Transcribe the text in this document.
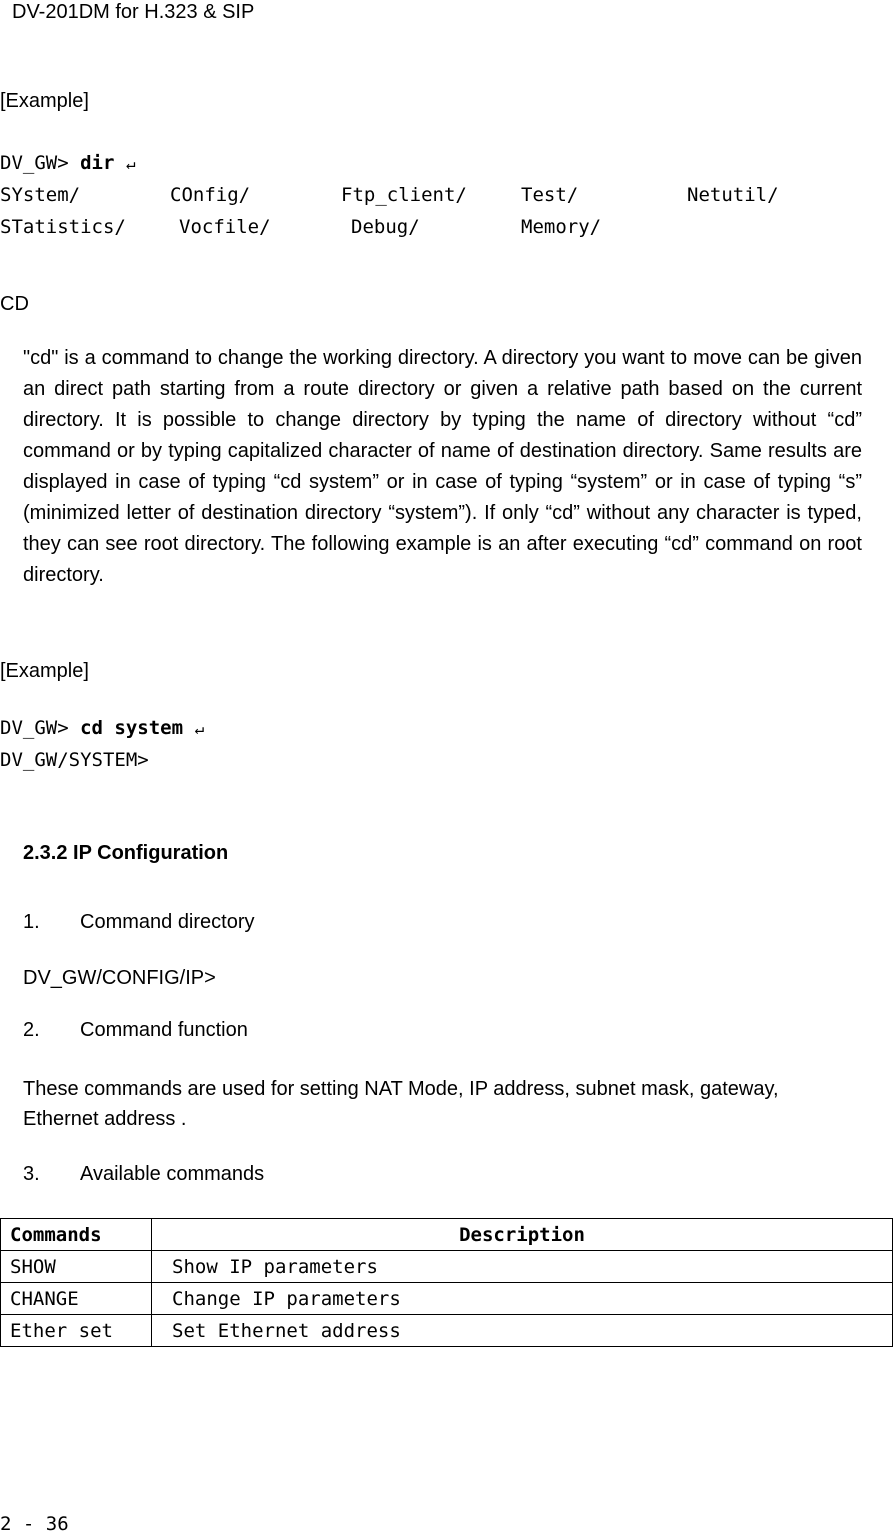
DV-201DM for H.323 & SIP
[Example]
DV_GW> dir ↵
SYstem/	COnfig/	Ftp_client/	Test/	Netutil/
STatistics/	Vocfile/	Debug/	Memory/
CD
"cd" is a command to change the working directory. A directory you want to move can be given an direct path starting from a route directory or given a relative path based on the current directory. It is possible to change directory by typing the name of directory without “cd” command or by typing capitalized character of name of destination directory. Same results are displayed in case of typing “cd system” or in case of typing “system” or in case of typing “s” (minimized letter of destination directory “system”). If only “cd” without any character is typed, they can see root directory. The following example is an after executing “cd” command on root directory.
[Example]
DV_GW> cd system ↵
DV_GW/SYSTEM>
2.3.2 IP Configuration
1. Command directory
DV_GW/CONFIG/IP>
2. Command function
These commands are used for setting NAT Mode, IP address, subnet mask, gateway, Ethernet address .
3. Available commands
Commands	Description
SHOW	Show IP parameters
CHANGE	Change IP parameters
Ether set	Set Ethernet address
2 - 36
